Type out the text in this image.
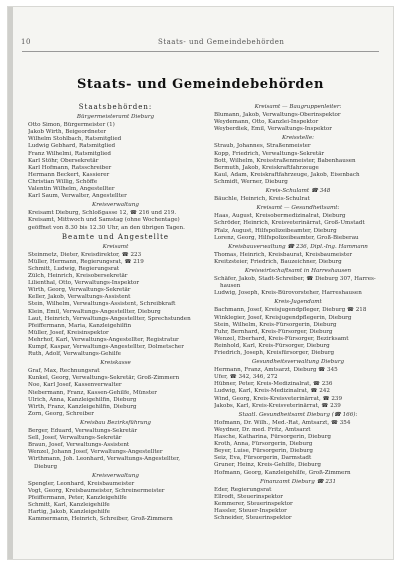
10	Staats- und Gemeindebehörden
Staats- und Gemeindebehörden
Staatsbehörden:
Bürgermeisteramt Dieburg
Otto Simon, Bürgermeister (1)
Jakob Wirth, Beigeordneter
Wilhelm Stohlbach, Ratsmitglied
Ludwig Gebhard, Ratsmitglied
Franz Wilhelmi, Ratsmitglied
Karl Stöhr, Obersekretär
Karl Hofmann, Ratsschreiber
Hermann Beckert, Kassierer
Christian Willig, Schöffe
Valentin Wilhelm, Angestellter
Karl Saum, Verwalter, Angestellter
Kreisverwaltung
Kreisamt Dieburg, Schloßgasse 12, ☎ 216 und 219.
Kreisamt, Mittwoch und Samstag (ohne Wochentage)
geöffnet von 8.30 bis 12.30 Uhr, an den übrigen Tagen.
Beamte und Angestellte
Kreisamt
Steinmetz, Dieter, Kreisdirektor, ☎ 223
Müller, Hermann, Regierungsrat, ☎ 219
Schmitt, Ludwig, Regierungsrat
Zülch, Heinrich, Kreisobersekretär
Lilienthal, Otto, Verwaltungs-Inspektor
Wirth, Georg, Verwaltungs-Sekretär
Keller, Jakob, Verwaltungs-Assistent
Stein, Wilhelm, Verwaltungs-Assistent, Schreibkraft
Klein, Emil, Verwaltungs-Angestellter, Dieburg
Laut, Heinrich, Verwaltungs-Angestellter, Sprechstunden
Pfeiffermann, Maria, Kanzleigehilfin
Müller, Josef, Kreisinspektor
Mehrhof, Karl, Verwaltungs-Angestellter, Registratur
Kumpf, Kaspar, Verwaltungs-Angestellter, Dolmetscher
Ruth, Adolf, Verwaltungs-Gehilfe
Kreiskasse
Graf, Max, Rechnungsrat
Kunkel, Georg, Verwaltungs-Sekretär, Groß-Zimmern
Noe, Karl Josef, Kassenverwalter
Niebermann, Franz, Kassen-Gehilfe, Münster
Ulrich, Anna, Kanzleigehilfin, Dieburg
Wirth, Franz, Kanzleigehilfin, Dieburg
Zorn, Georg, Schreiber
Kreisbau Bezirksführung
Berger, Eduard, Verwaltungs-Sekretär
Sell, Josef, Verwaltungs-Sekretär
Braun, Josef, Verwaltungs-Assistent
Wenzel, Johann Josef, Verwaltungs-Angestellter
Wirthmann, Joh. Leonhard, Verwaltungs-Angestellter,
Dieburg
Kreisverwaltung
Spengler, Leonhard, Kreisbaumeister
Vogt, Georg, Kreisbaumeister, Schreinermeister
Pfeiffermann, Peter, Kanzleigehilfe
Schmitt, Karl, Kanzleigehilfe
Hartig, Jakob, Kanzleigehilfe
Kammermann, Heinrich, Schreiber, Groß-Zimmern
Kreisamt — Baugruppenleiter:
Blumann, Jakob, Verwaltungs-Oberinspektor
Weydemann, Otto, Kanzlei-Inspektor
Weyberdiek, Emil, Verwaltungs-Inspektor
Kreisstelle:
Straub, Johannes, Straßenmeister
Kopp, Friedrich, Verwaltungs-Sekretär
Bott, Wilhelm, Kreisstraßenmeister, Babenhausen
Bermuth, Jakob, Kreiskraftfahrzeuge
Kaul, Adam, Kreiskraftfahrzeuge, Jakob, Eisenbach
Schmidt, Werner, Dieburg
Kreis-Schulamt ☎ 348
Bäuchle, Heinrich, Kreis-Schulrat
Kreisamt — Gesundheitsamt:
Haas, August, Kreisobermedizinalrat, Dieburg
Schröder, Heinrich, Kreisveterinärrat, Groß-Umstadt
Pfalz, August, Hilfspolizeibeamter, Dieburg
Lorenz, Georg, Hilfspolizeibeamter, Groß-Bieberau
Kreisbauverwaltung ☎ 236, Dipl.-Ing. Hammann
Thomas, Heinrich, Kreisbaurat, Kreisbaumeister
Kreitzsteier, Friedrich, Bauzeichner, Dieburg
Kreiswirtschaftsamt in Harreshausen
Schäfer, Jakob, Stadt-Schreiber, ☎ Dieburg 307, Harres-
hausen
Ludwig, Joseph, Kreis-Bürovorsteher, Harreshausen
Kreis-Jugendamt
Bachmann, Josef, Kreisjugendpfleger, Dieburg ☎ 218
Winklegier, Josef, Kreisjugendpflegerin, Dieburg
Stein, Wilhelm, Kreis-Fürsorgerin, Dieburg
Fuhr, Bernhard, Kreis-Fürsorger, Dieburg
Wenzel, Eberhard, Kreis-Fürsorger, Bezirksamt
Reinhold, Karl, Kreis-Fürsorger, Dieburg
Friedrich, Joseph, Kreisfürsorger, Dieburg
Gesundheitsverwaltung Dieburg
Hermann, Franz, Amtsarzt, Dieburg ☎ 345
Ufer, ☎ 342, 346, 272
Hübner, Peter, Kreis-Medizinalrat, ☎ 236
Ludwig, Karl, Kreis-Medizinalrat, ☎ 242
Wind, Georg, Kreis-Kreisveterinärrat, ☎ 239
Jakobs, Karl, Kreis-Kreisveterinärrat, ☎ 239
Staatl. Gesundheitsamt Dieburg (☎ 166):
Hofmann, Dr. Wilh., Med.-Rat, Amtsarzt, ☎ 354
Weydner, Dr. med. Fritz, Amtsarzt
Hasche, Katharina, Fürsorgerin, Dieburg
Kroth, Anna, Fürsorgerin, Dieburg
Beyer, Luise, Fürsorgerin, Dieburg
Seiz, Eva, Fürsorgerin, Darmstadt
Gruner, Heinz, Kreis-Gehilfe, Dieburg
Hofmann, Georg, Kanzleigehilfe, Groß-Zimmern
Finanzamt Dieburg ☎ 231
Eder, Regierungsrat
Ellrodt, Steuerinspektor
Kemmerer, Steuerinspektor
Hassler, Steuer-Inspektor
Schneider, Steuerinspektor
